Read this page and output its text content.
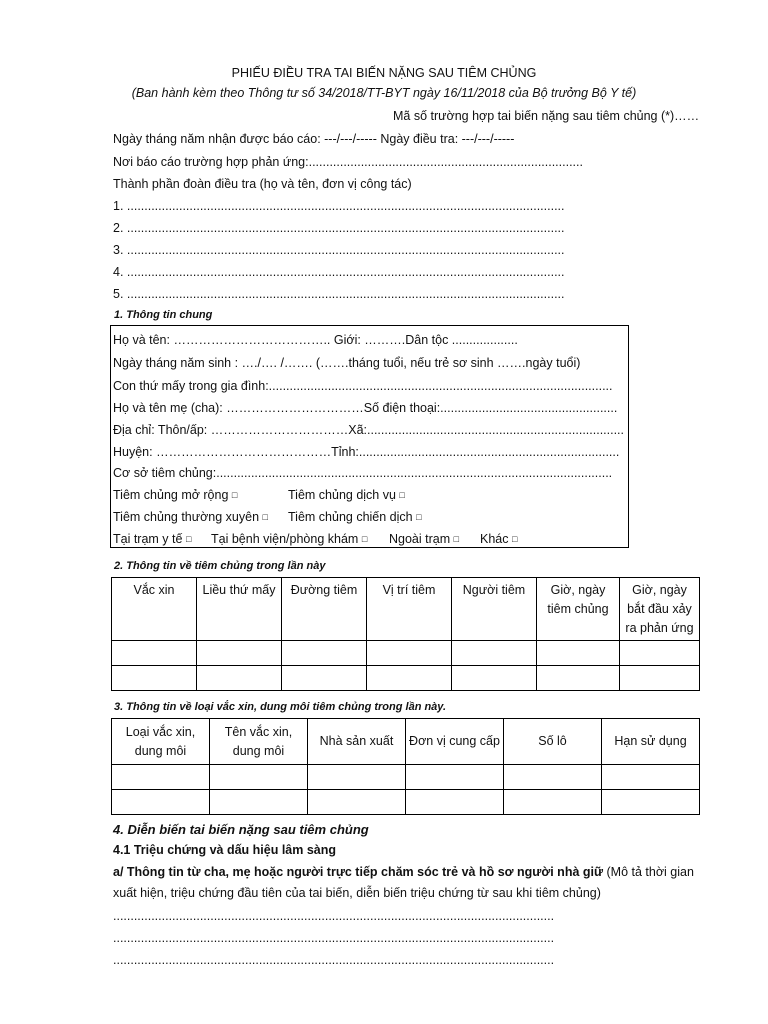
PHIẾU ĐIỀU TRA TAI BIẾN NẶNG SAU TIÊM CHỦNG
(Ban hành kèm theo Thông tư số 34/2018/TT-BYT ngày 16/11/2018 của Bộ trưởng Bộ Y tế)
Mã số trường hợp tai biến nặng sau tiêm chủng (*)……
Ngày tháng năm nhận được báo cáo: ---/---/----- Ngày điều tra: ---/---/-----
Nơi báo cáo trường hợp phản ứng:...............................................................................
Thành phần đoàn điều tra (họ và tên, đơn vị công tác)
1. ..............................................................................................................................
2. ..............................................................................................................................
3. ..............................................................................................................................
4. ..............................................................................................................................
5. ..............................................................................................................................
1. Thông tin chung
Họ và tên: ……………………………….. Giới: ……….Dân tộc ...................
Ngày tháng năm sinh : …./…. /……. (…….tháng tuổi, nếu trẻ sơ sinh …….ngày tuổi)
Con thứ mấy trong gia đình:...................................................................................................
Họ và tên mẹ (cha): ……………………………Số điện thoại:...................................................
Địa chỉ: Thôn/ấp: ……………………………Xã:..........................................................................
Huyện: ……………………………………Tỉnh:...........................................................................
Cơ sở tiêm chủng:..................................................................................................................
Tiêm chủng mở rộng □	Tiêm chủng dịch vụ □
Tiêm chủng thường xuyên □ Tiêm chủng chiến dịch □
Tại trạm y tế □ Tại bệnh viện/phòng khám □ Ngoài trạm □ Khác □
2. Thông tin về tiêm chủng trong lần này
Vắc xin	Liều thứ mấy	Đường tiêm	Vị trí tiêm	Người tiêm	Giờ, ngày tiêm chủng	Giờ, ngày bắt đầu xảy ra phản ứng

3. Thông tin về loại vắc xin, dung môi tiêm chủng trong lần này.
Loại vắc xin, dung môi	Tên vắc xin, dung môi	Nhà sản xuất	Đơn vị cung cấp	Số lô	Hạn sử dụng

4. Diễn biến tai biến nặng sau tiêm chủng
4.1 Triệu chứng và dấu hiệu lâm sàng
a/ Thông tin từ cha, mẹ hoặc người trực tiếp chăm sóc trẻ và hồ sơ người nhà giữ (Mô tả thời gian
xuất hiện, triệu chứng đầu tiên của tai biến, diễn biến triệu chứng từ sau khi tiêm chủng)
...............................................................................................................................
...............................................................................................................................
...............................................................................................................................
